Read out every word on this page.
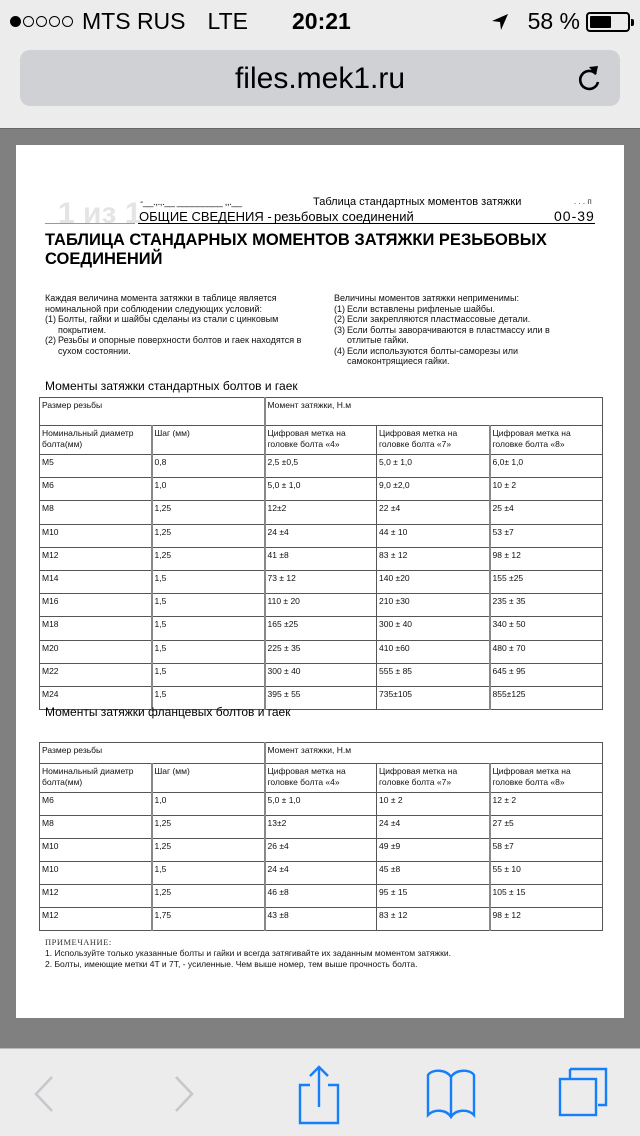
MTS RUS LTE 20:21	58 %
files.mek1.ru
1 из 1
-__.,.,.__ _________ ,,.__	Таблица стандартных моментов затяжки	. . . п
ОБЩИЕ СВЕДЕНИЯ - резьбовых соединений	00-39
ТАБЛИЦА СТАНДАРНЫХ МОМЕНТОВ ЗАТЯЖКИ РЕЗЬБОВЫХ СОЕДИНЕНИЙ
Каждая величина момента затяжки в таблице является номинальной при соблюдении следующих условий:
(1) Болты, гайки и шайбы сделаны из стали с цинковым покрытием.
(2) Резьбы и опорные поверхности болтов и гаек находятся в сухом состоянии.
Величины моментов затяжки неприменимы:
(1) Если вставлены рифленые шайбы.
(2) Если закрепляются пластмассовые детали.
(3) Если болты заворачиваются в пластмассу или в отлитые гайки.
(4) Если используются болты-саморезы или самоконтрящиеся гайки.
Моменты затяжки стандартных болтов и гаек
Размер резьбы		Момент затяжки, Н.м		
Номинальный диаметр болта(мм)	Шаг (мм)	Цифровая метка на головке болта «4»	Цифровая метка на головке болта «7»	Цифровая метка на головке болта «8»
M5	0,8	2,5 ±0,5	5,0 ± 1,0	6,0± 1,0
M6	1,0	5,0 ± 1,0	9,0 ±2,0	10 ± 2
M8	1,25	12±2	22 ±4	25 ±4
M10	1,25	24 ±4	44 ± 10	53 ±7
M12	1,25	41 ±8	83 ± 12	98 ± 12
M14	1,5	73 ± 12	140 ±20	155 ±25
M16	1,5	110 ± 20	210 ±30	235 ± 35
M18	1,5	165 ±25	300 ± 40	340 ± 50
M20	1,5	225 ± 35	410 ±60	480 ± 70
M22	1,5	300 ± 40	555 ± 85	645 ± 95
M24	1,5	395 ± 55	735±105	855±125
Моменты затяжки фланцевых болтов и гаек
Размер резьбы		Момент затяжки, Н.м		
Номинальный диаметр болта(мм)	Шаг (мм)	Цифровая метка на головке болта «4»	Цифровая метка на головке болта «7»	Цифровая метка на головке болта «8»
M6	1,0	5,0 ± 1,0	10 ± 2	12 ± 2
M8	1,25	13±2	24 ±4	27 ±5
M10	1,25	26 ±4	49 ±9	58 ±7
M10	1,5	24 ±4	45 ±8	55 ± 10
M12	1,25	46 ±8	95 ± 15	105 ± 15
M12	1,75	43 ±8	83 ± 12	98 ± 12
ПРИМЕЧАНИЕ:
1. Используйте только указанные болты и гайки и всегда затягивайте их заданным моментом затяжки.
2. Болты, имеющие метки 4T и 7T, - усиленные. Чем выше номер, тем выше прочность болта.
